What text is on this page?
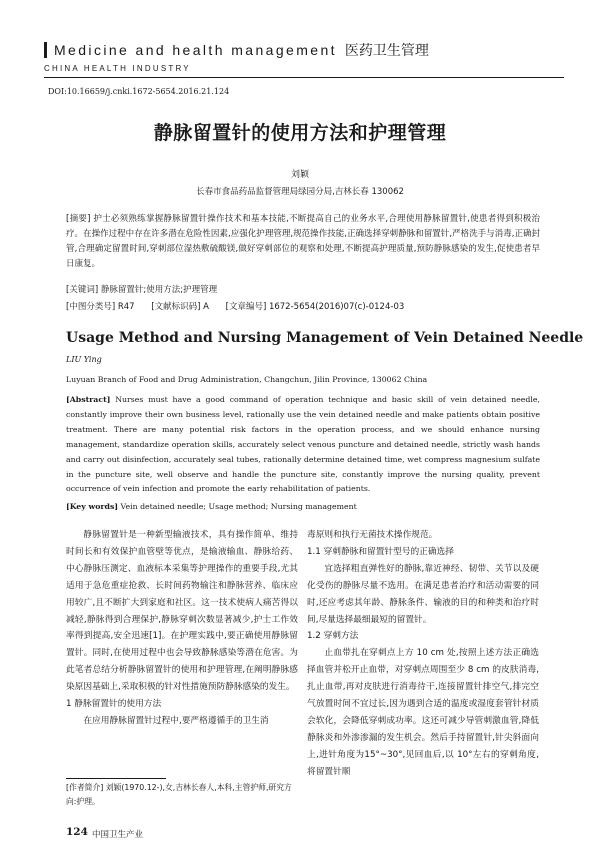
Medicine and health management 医药卫生管理
CHINA HEALTH INDUSTRY
DOI:10.16659/j.cnki.1672-5654.2016.21.124
静脉留置针的使用方法和护理管理
刘颖
长春市食品药品监督管理局绿园分局,吉林长春 130062

[摘要] 护士必须熟练掌握静脉留置针操作技术和基本技能,不断提高自己的业务水平,合理使用静脉留置针,使患者得到积极治疗。在操作过程中存在许多潜在危险性因素,应强化护理管理,规范操作技能,正确选择穿刺静脉和留置针,严格洗手与消毒,正确封管,合理确定留置时间,穿刺部位湿热敷硫酸镁,做好穿刺部位的观察和处理,不断提高护理质量,预防静脉感染的发生,促使患者早日康复。

[关键词] 静脉留置针;使用方法;护理管理

[中图分类号] R47 [文献标识码] A [文章编号] 1672-5654(2016)07(c)-0124-03
Usage Method and Nursing Management of Vein Detained Needle
LIU Ying
Luyuan Branch of Food and Drug Administration, Changchun, Jilin Province, 130062 China

[Abstract] Nurses must have a good command of operation technique and basic skill of vein detained needle, constantly improve their own business level, rationally use the vein detained needle and make patients obtain positive treatment. There are many potential risk factors in the operation process, and we should enhance nursing management, standardize operation skills, accurately select venous puncture and detained needle, strictly wash hands and carry out disinfection, accurately seal tubes, rationally determine detained time, wet compress magnesium sulfate in the puncture site, well observe and handle the puncture site, constantly improve the nursing quality, prevent occurrence of vein infection and promote the early rehabilitation of patients.

[Key words] Vein detained needle; Usage method; Nursing management

静脉留置针是一种新型输液技术，具有操作简单、维持时间长和有效保护血管壁等优点，是输液输血、静脉给药、中心静脉压测定、血液标本采集等护理操作的重要手段,尤其适用于急危重症抢救、长时间药物输注和静脉营养、临床应用较广,且不断扩大到家庭和社区。这一技术使病人痛苦得以减轻,静脉得到合理保护,静脉穿刺次数显著减少,护士工作效率得到提高,安全迅速[1]。在护理实践中,要正确使用静脉留置针。同时,在使用过程中也会导致静脉感染等潜在危害。为此笔者总结分析静脉留置针的使用和护理管理,在阐明静脉感染原因基础上,采取积极的针对性措施预防静脉感染的发生。

1 静脉留置针的使用方法

在应用静脉留置针过程中,要严格遵循手的卫生消

毒原则和执行无菌技术操作规范。

1.1 穿刺静脉和留置针型号的正确选择

宜选择粗直弹性好的静脉,靠近神经、韧带、关节以及硬化受伤的静脉尽量不选用。在满足患者治疗和活动需要的同时,还应考虑其年龄、静脉条件、输液的目的和种类和治疗时间,尽量选择最细最短的留置针。

1.2 穿刺方法

止血带扎在穿刺点上方 10 cm 处,按照上述方法正确选择血管并松开止血带，对穿刺点周围至少 8 cm 的皮肤消毒,扎止血带,再对皮肤进行消毒待干,连接留置针排空气,排完空气放置时间不宜过长,因为遇到合适的温度或湿度套管针材质会软化，会降低穿刺成功率。这还可减少导管刺激血管,降低静脉炎和外渗渗漏的发生机会。然后手持留置针,针尖斜面向上,进针角度为15°~30°,见回血后,以 10°左右的穿刺角度,将留置针顺

[作者简介] 刘颖(1970.12-),女,吉林长春人,本科,主管护师,研究方向:护理。

124 中国卫生产业
